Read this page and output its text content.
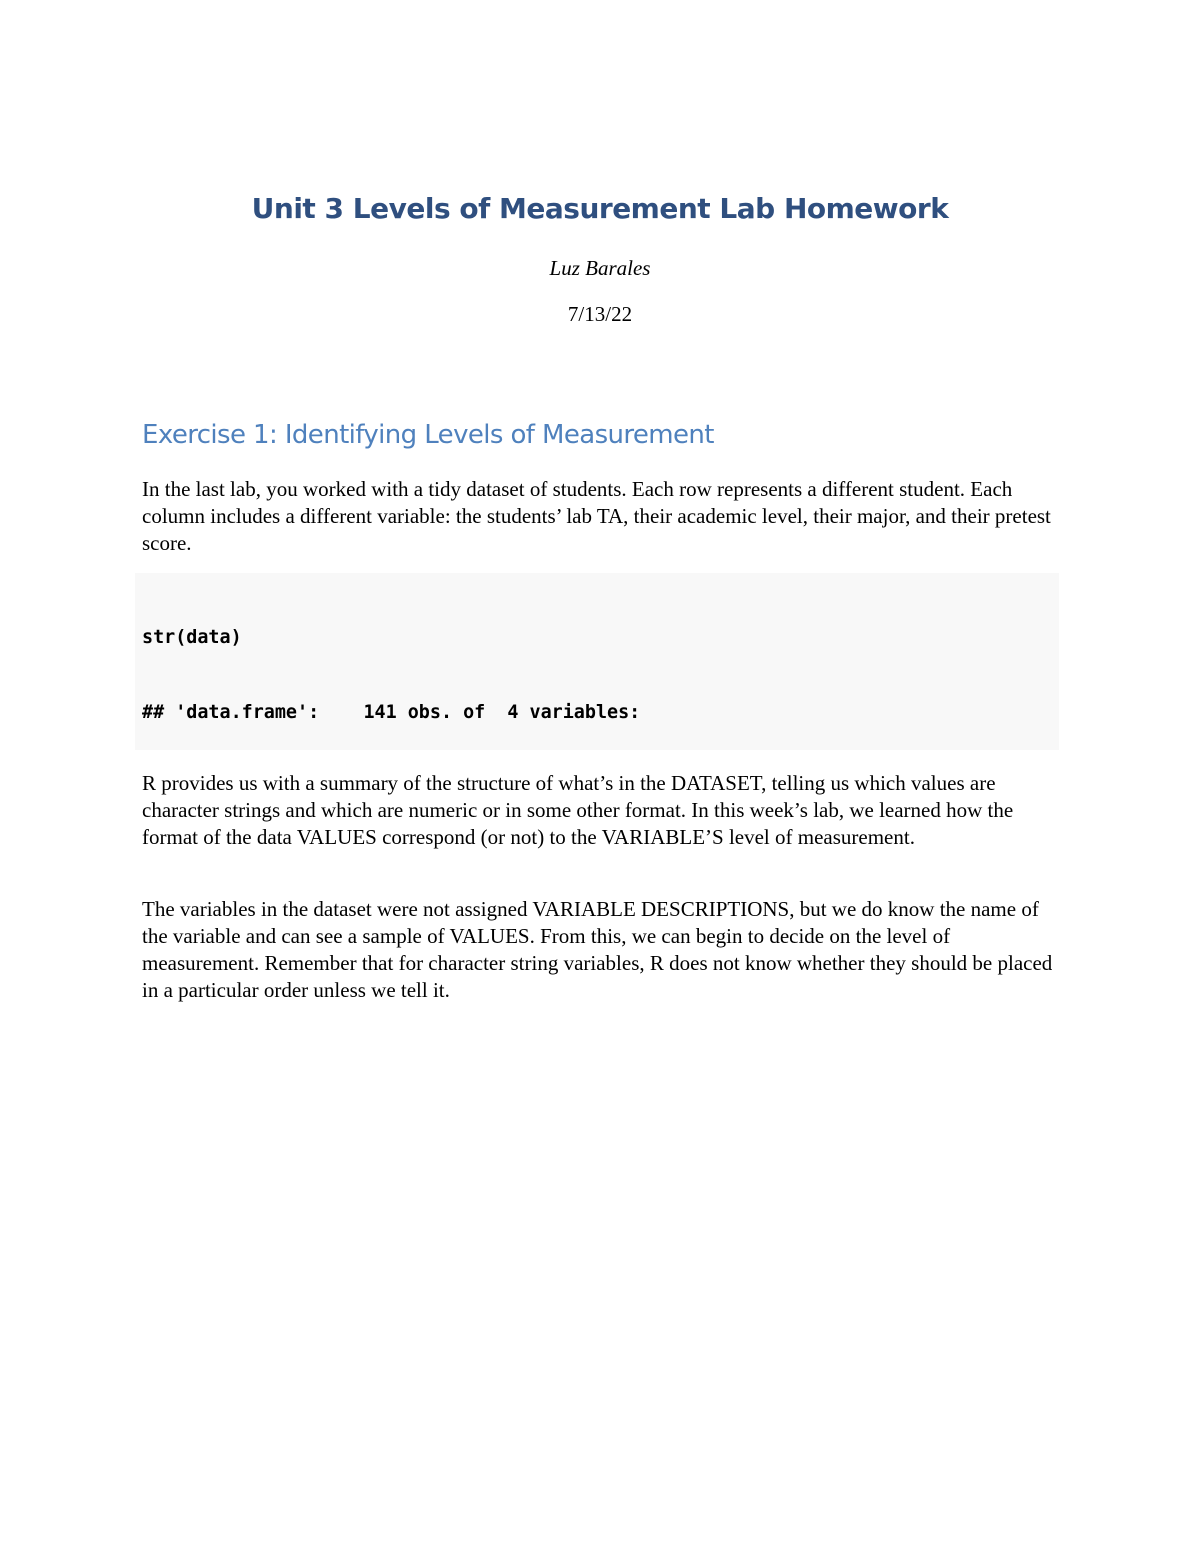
Unit 3 Levels of Measurement Lab Homework
Luz Barales
7/13/22
Exercise 1: Identifying Levels of Measurement

In the last lab, you worked with a tidy dataset of students. Each row represents a different student. Each column includes a different variable: the students’ lab TA, their academic level, their major, and their pretest score.

str(data)

## 'data.frame':    141 obs. of  4 variables:

R provides us with a summary of the structure of what’s in the DATASET, telling us which values are character strings and which are numeric or in some other format. In this week’s lab, we learned how the format of the data VALUES correspond (or not) to the VARIABLE’S level of measurement.

The variables in the dataset were not assigned VARIABLE DESCRIPTIONS, but we do know the name of the variable and can see a sample of VALUES. From this, we can begin to decide on the level of measurement. Remember that for character string variables, R does not know whether they should be placed in a particular order unless we tell it.
